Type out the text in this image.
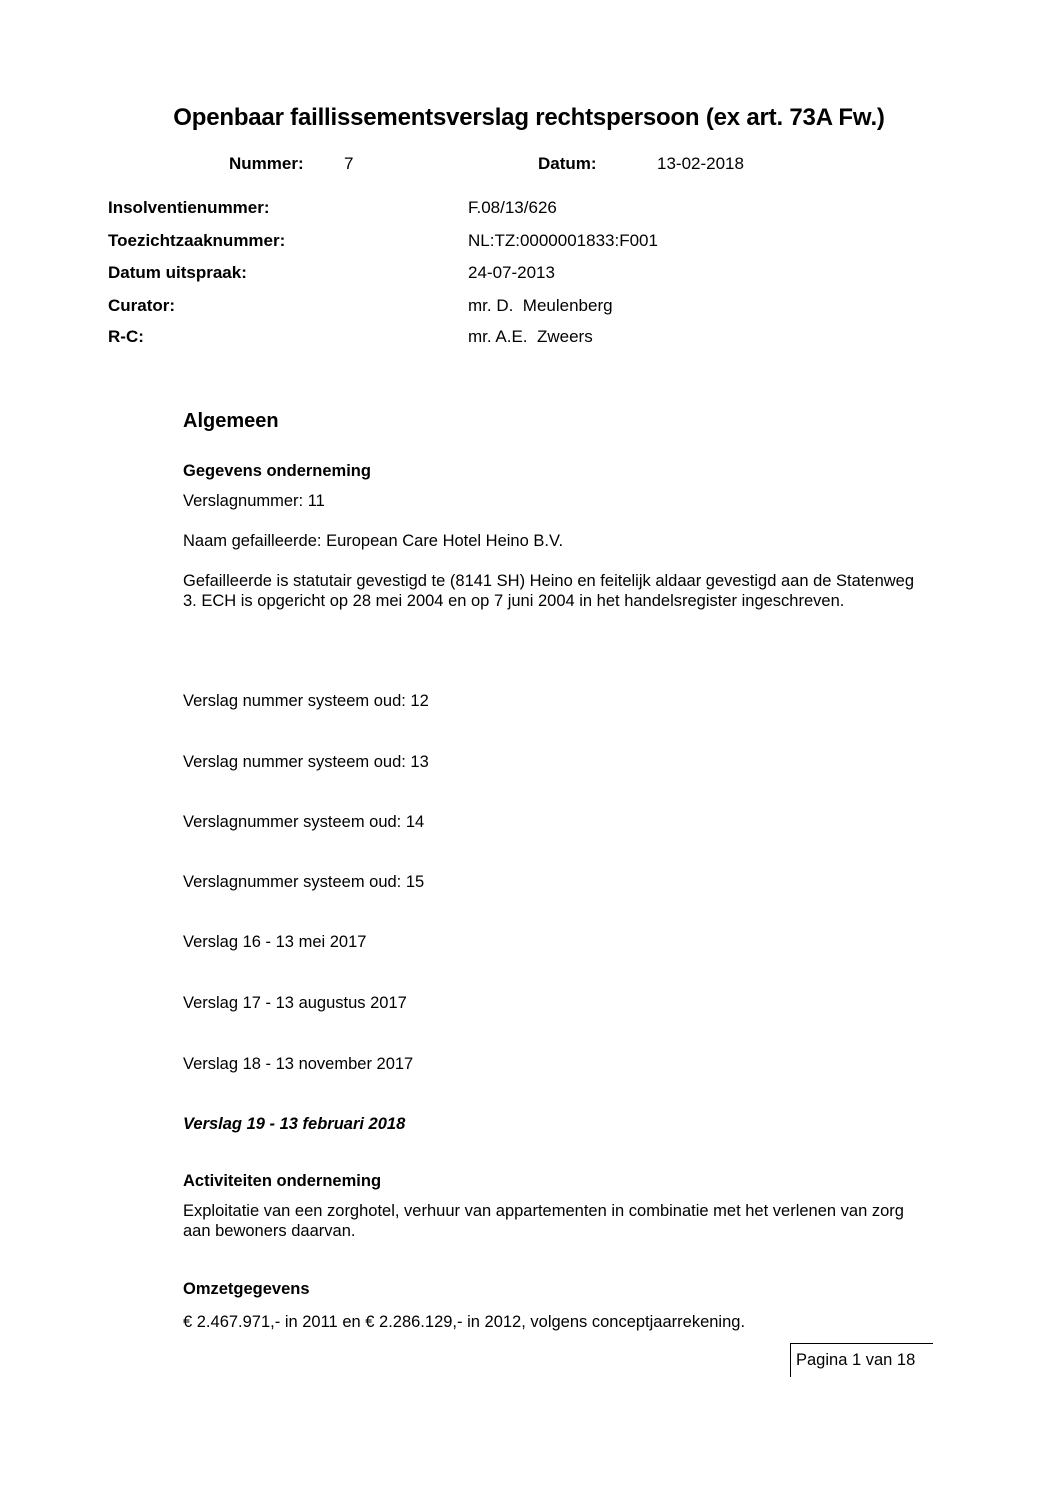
Openbaar faillissementsverslag rechtspersoon (ex art. 73A Fw.)
Nummer: 7	Datum:	13-02-2018
Insolventienummer:	F.08/13/626
Toezichtzaaknummer:	NL:TZ:0000001833:F001
Datum uitspraak:	24-07-2013
Curator:	mr. D.  Meulenberg
R-C:	mr. A.E.  Zweers
Algemeen
Gegevens onderneming
Verslagnummer: 11
Naam gefailleerde: European Care Hotel Heino B.V.
Gefailleerde is statutair gevestigd te (8141 SH) Heino en feitelijk aldaar gevestigd aan de Statenweg 3. ECH is opgericht op 28 mei 2004 en op 7 juni 2004 in het handelsregister ingeschreven.
Verslag nummer systeem oud: 12
Verslag nummer systeem oud: 13
Verslagnummer systeem oud: 14
Verslagnummer systeem oud: 15
Verslag 16 - 13 mei 2017
Verslag 17 - 13 augustus 2017
Verslag 18 - 13 november 2017
Verslag 19 - 13 februari 2018
Activiteiten onderneming
Exploitatie van een zorghotel, verhuur van appartementen in combinatie met het verlenen van zorg aan bewoners daarvan.
Omzetgegevens
€ 2.467.971,- in 2011 en € 2.286.129,- in 2012, volgens conceptjaarrekening.
Pagina 1 van 18
